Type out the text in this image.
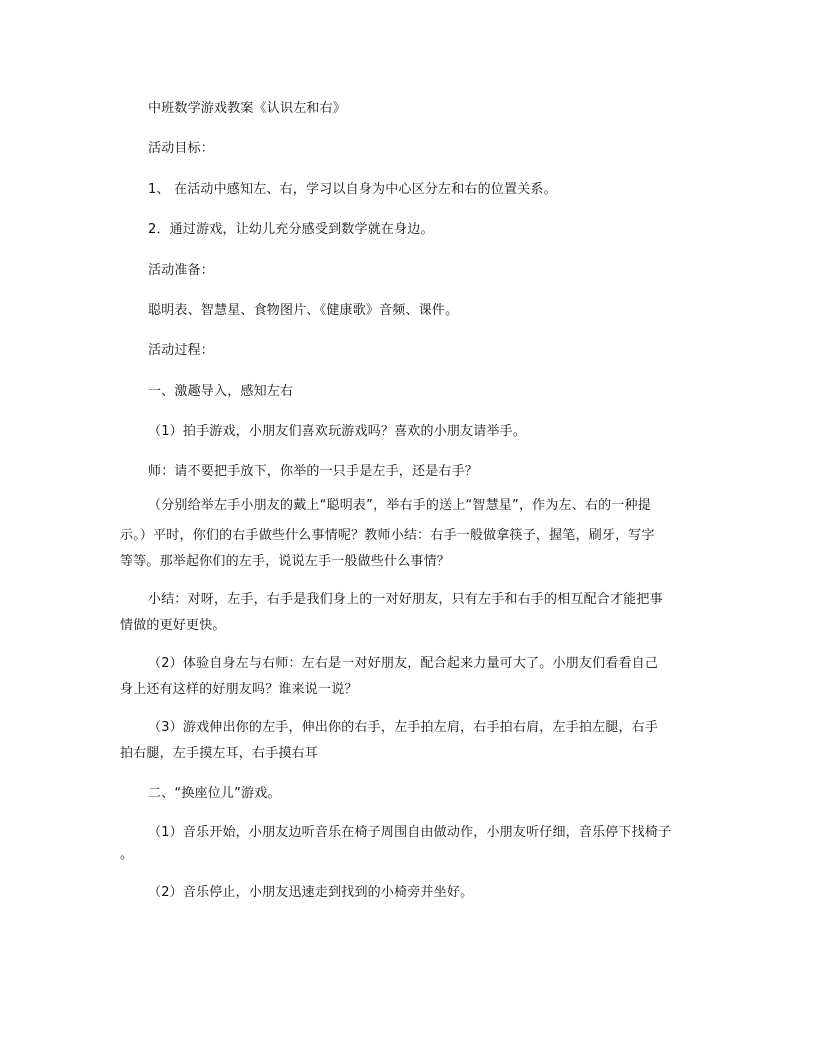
中班数学游戏教案《认识左和右》
活动目标：
1、 在活动中感知左、右，学习以自身为中心区分左和右的位置关系。
2．通过游戏，让幼儿充分感受到数学就在身边。
活动准备：
聪明表、智慧星、食物图片、《健康歌》音频、课件。
活动过程：
一、激趣导入，感知左右
（1）拍手游戏，小朋友们喜欢玩游戏吗？喜欢的小朋友请举手。
师：请不要把手放下，你举的一只手是左手，还是右手？
（分别给举左手小朋友的戴上“聪明表”，举右手的送上“智慧星”，作为左、右的一种提
示。）平时，你们的右手做些什么事情呢？教师小结：右手一般做拿筷子，握笔，刷牙，写字
等等。那举起你们的左手，说说左手一般做些什么事情？
小结：对呀，左手，右手是我们身上的一对好朋友，只有左手和右手的相互配合才能把事
情做的更好更快。
（2）体验自身左与右师：左右是一对好朋友，配合起来力量可大了。小朋友们看看自己
身上还有这样的好朋友吗？谁来说一说？
（3）游戏伸出你的左手，伸出你的右手，左手拍左肩，右手拍右肩，左手拍左腿，右手
拍右腿，左手摸左耳，右手摸右耳
二、“换座位儿”游戏。
（1）音乐开始，小朋友边听音乐在椅子周围自由做动作，小朋友听仔细，音乐停下找椅子
。
（2）音乐停止，小朋友迅速走到找到的小椅旁并坐好。
